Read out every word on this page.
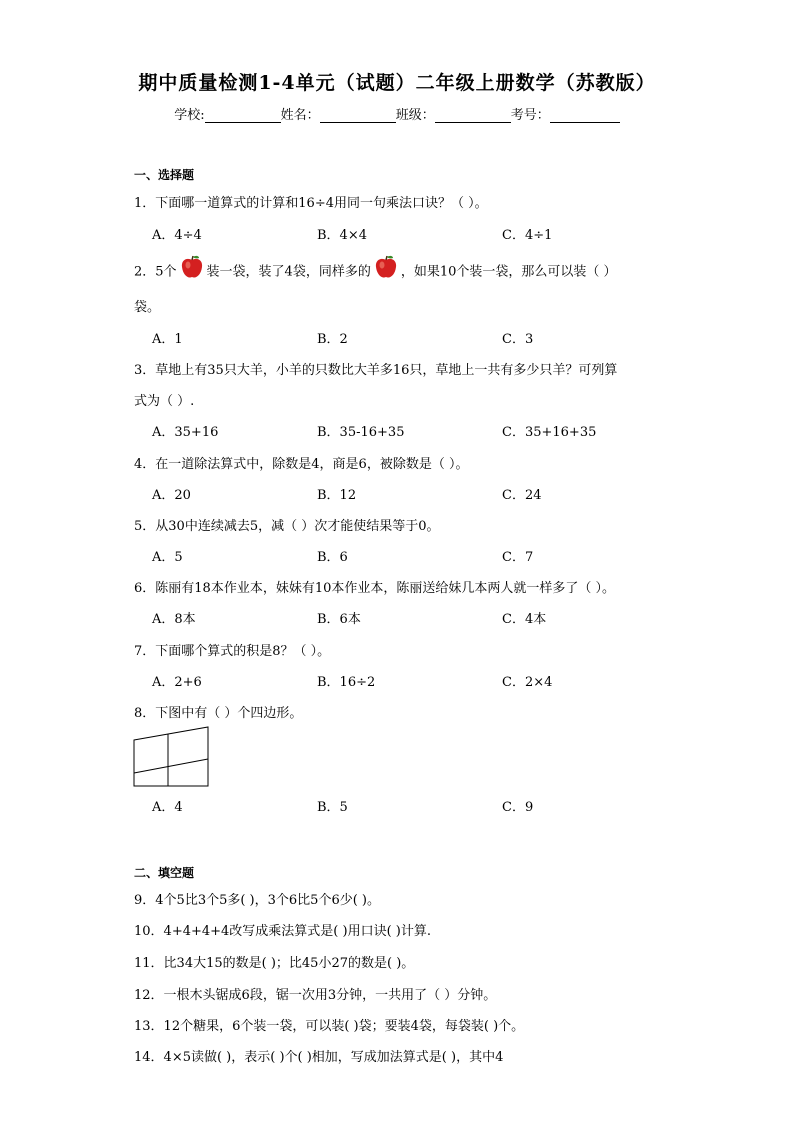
期中质量检测1-4单元（试题）二年级上册数学（苏教版）
学校:	姓名：	班级：	考号：
一、选择题
1．下面哪一道算式的计算和16÷4用同一句乘法口诀？（ ）。
A．4÷4	B．4×4	C．4÷1
2．5个 装一袋，装了4袋，同样多的 ，如果10个装一袋，那么可以装（ ）
袋。
A．1	B．2	C．3
3．草地上有35只大羊，小羊的只数比大羊多16只，草地上一共有多少只羊？可列算
式为（ ）.
A．35+16	B．35-16+35	C．35+16+35
4．在一道除法算式中，除数是4，商是6，被除数是（ ）。
A．20	B．12	C．24
5．从30中连续减去5，减（ ）次才能使结果等于0。
A．5	B．6	C．7
6．陈丽有18本作业本，妹妹有10本作业本，陈丽送给妹几本两人就一样多了（ ）。
A．8本	B．6本	C．4本
7．下面哪个算式的积是8？（ ）。
A．2+6	B．16÷2	C．2×4
8．下图中有（ ）个四边形。
A．4	B．5	C．9
二、填空题
9．4个5比3个5多( )，3个6比5个6少( )。
10．4+4+4+4改写成乘法算式是( )用口诀( )计算.
11．比34大15的数是( )；比45小27的数是( )。
12．一根木头锯成6段，锯一次用3分钟，一共用了（ ）分钟。
13．12个糖果，6个装一袋，可以装( )袋；要装4袋，每袋装( )个。
14．4×5读做( )，表示( )个( )相加，写成加法算式是( )，其中4
